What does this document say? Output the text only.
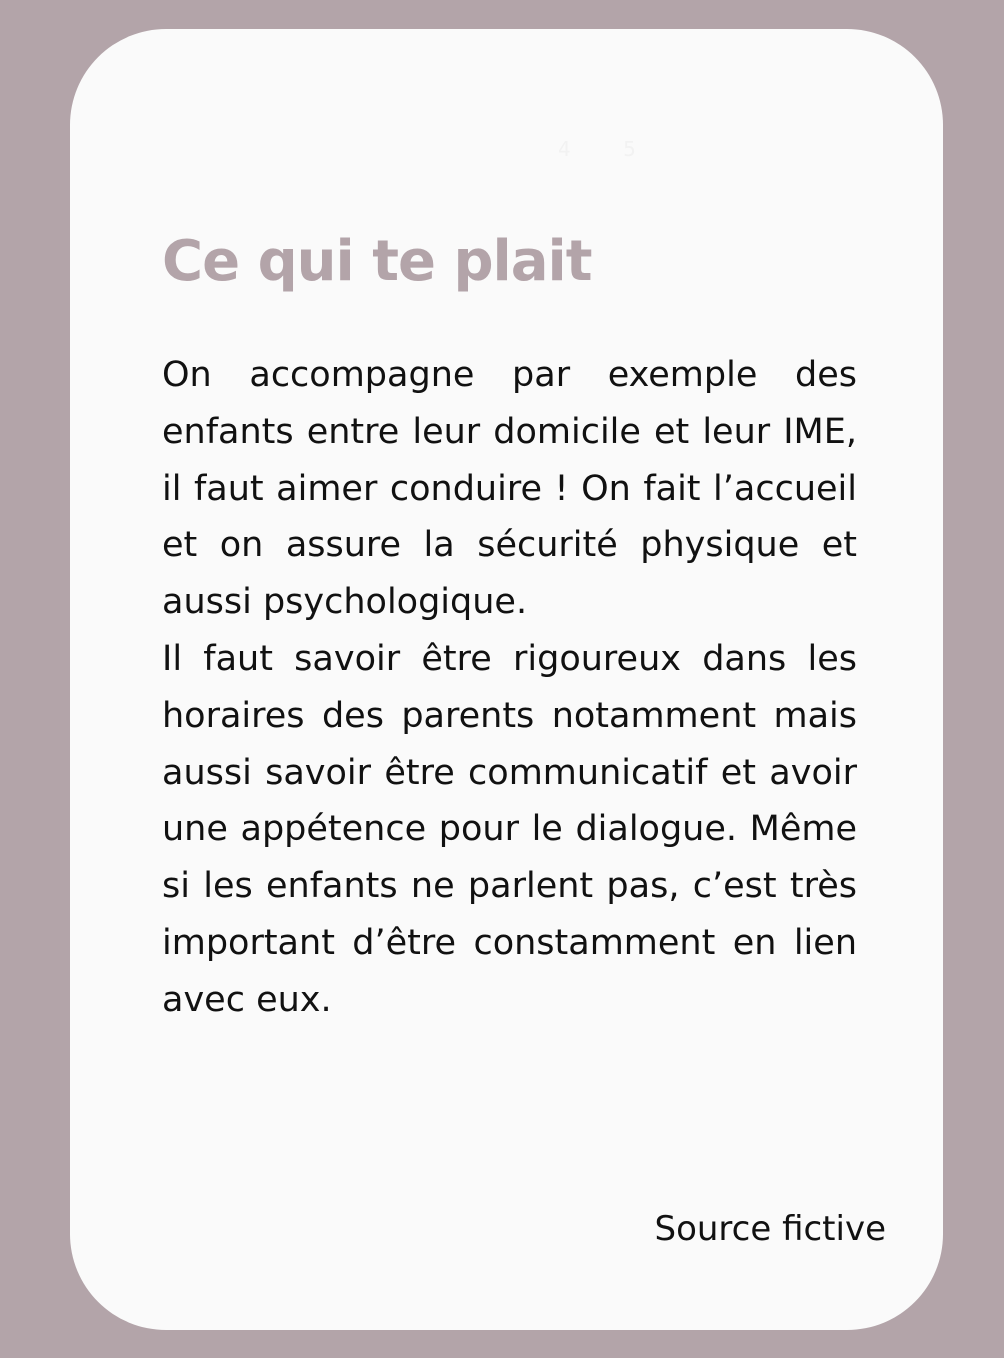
4	5
Ce qui te plait

On accompagne par exemple des enfants entre leur domicile et leur IME, il faut aimer conduire ! On fait l’accueil et on assure la sécurité physique et aussi psychologique.

Il faut savoir être rigoureux dans les horaires des parents notamment mais aussi savoir être communicatif et avoir une appétence pour le dialogue. Même si les enfants ne parlent pas, c’est très important d’être constamment en lien avec eux.

Source fictive
